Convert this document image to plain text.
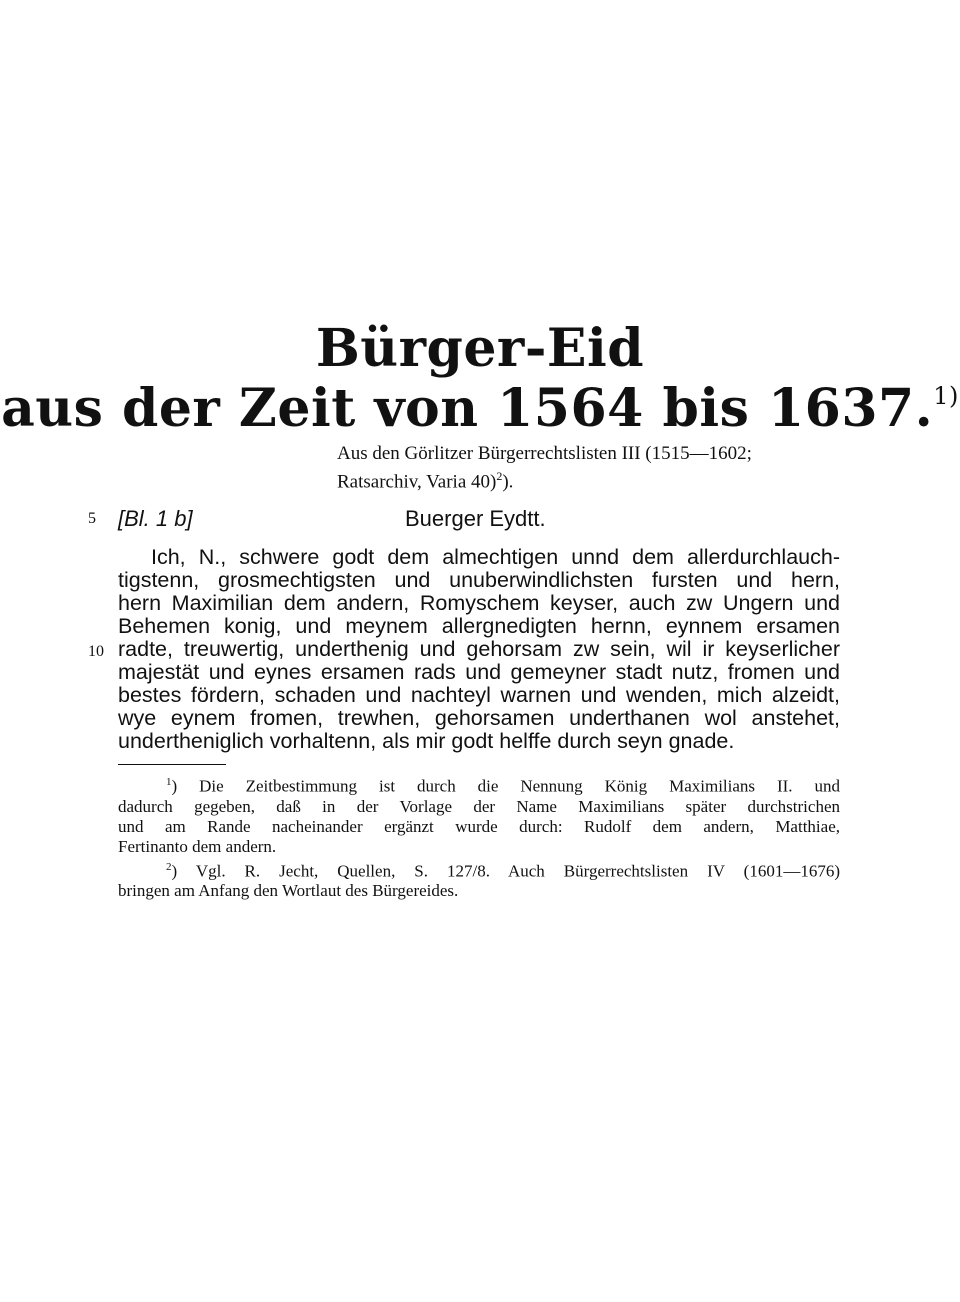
Bürger-Eid
aus der Zeit von 1564 bis 1637.$^{1)}$
Aus den Görlitzer Bürgerrechtslisten III (1515—1602;
Ratsarchiv, Varia 40)$^2$).
5 [Bl. 1 b]	Buerger Eydtt.
10
Ich, N., schwere godt dem almechtigen unnd dem allerdurchlauch-
tigstenn, grosmechtigsten und unuberwindlichsten fursten und hern,
hern Maximilian dem andern, Romyschem keyser, auch zw Ungern und
Behemen konig, und meynem allergnedigten hernn, eynnem ersamen
radte, treuwertig, underthenig und gehorsam zw sein, wil ir keyserlicher
majestät und eynes ersamen rads und gemeyner stadt nutz, fromen und
bestes fördern, schaden und nachteyl warnen und wenden, mich alzeidt,
wye eynem fromen, trewhen, gehorsamen underthanen wol anstehet,
undertheniglich vorhaltenn, als mir godt helffe durch seyn gnade.
$^1$) Die Zeitbestimmung ist durch die Nennung König Maximilians II. und
dadurch gegeben, daß in der Vorlage der Name Maximilians später durchstrichen
und am Rande nacheinander ergänzt wurde durch: Rudolf dem andern, Matthiae,
Fertinanto dem andern.
$^2$) Vgl. R. Jecht, Quellen, S. 127/8. Auch Bürgerrechtslisten IV (1601—1676)
bringen am Anfang den Wortlaut des Bürgereides.
